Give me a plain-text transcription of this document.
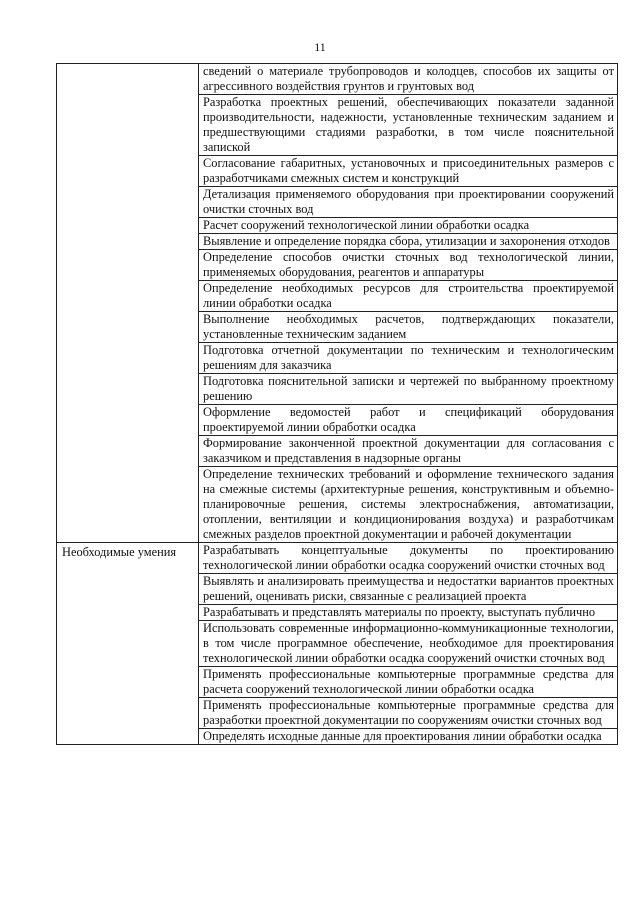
11
	сведений о материале трубопроводов и колодцев, способов их защиты от агрессивного воздействия грунтов и грунтовых вод
	Разработка проектных решений, обеспечивающих показатели заданной производительности, надежности, установленные техническим заданием и предшествующими стадиями разработки, в том числе пояснительной запиской
	Согласование габаритных, установочных и присоединительных размеров с разработчиками смежных систем и конструкций
	Детализация применяемого оборудования при проектировании сооружений очистки сточных вод
	Расчет сооружений технологической линии обработки осадка
	Выявление и определение порядка сбора, утилизации и захоронения отходов
	Определение способов очистки сточных вод технологической линии, применяемых оборудования, реагентов и аппаратуры
	Определение необходимых ресурсов для строительства проектируемой линии обработки осадка
	Выполнение необходимых расчетов, подтверждающих показатели, установленные техническим заданием
	Подготовка отчетной документации по техническим и технологическим решениям для заказчика
	Подготовка пояснительной записки и чертежей по выбранному проектному решению
	Оформление ведомостей работ и спецификаций оборудования проектируемой линии обработки осадка
	Формирование законченной проектной документации для согласования с заказчиком и представления в надзорные органы
	Определение технических требований и оформление технического задания на смежные системы (архитектурные решения, конструктивным и объемно-планировочные решения, системы электроснабжения, автоматизации, отоплении, вентиляции и кондиционирования воздуха) и разработчикам смежных разделов проектной документации и рабочей документации
Необходимые умения	Разрабатывать концептуальные документы по проектированию технологической линии обработки осадка сооружений очистки сточных вод
	Выявлять и анализировать преимущества и недостатки вариантов проектных решений, оценивать риски, связанные с реализацией проекта
	Разрабатывать и представлять материалы по проекту, выступать публично
	Использовать современные информационно-коммуникационные технологии, в том числе программное обеспечение, необходимое для проектирования технологической линии обработки осадка сооружений очистки сточных вод
	Применять профессиональные компьютерные программные средства для расчета сооружений технологической линии обработки осадка
	Применять профессиональные компьютерные программные средства для разработки проектной документации по сооружениям очистки сточных вод
	Определять исходные данные для проектирования линии обработки осадка
